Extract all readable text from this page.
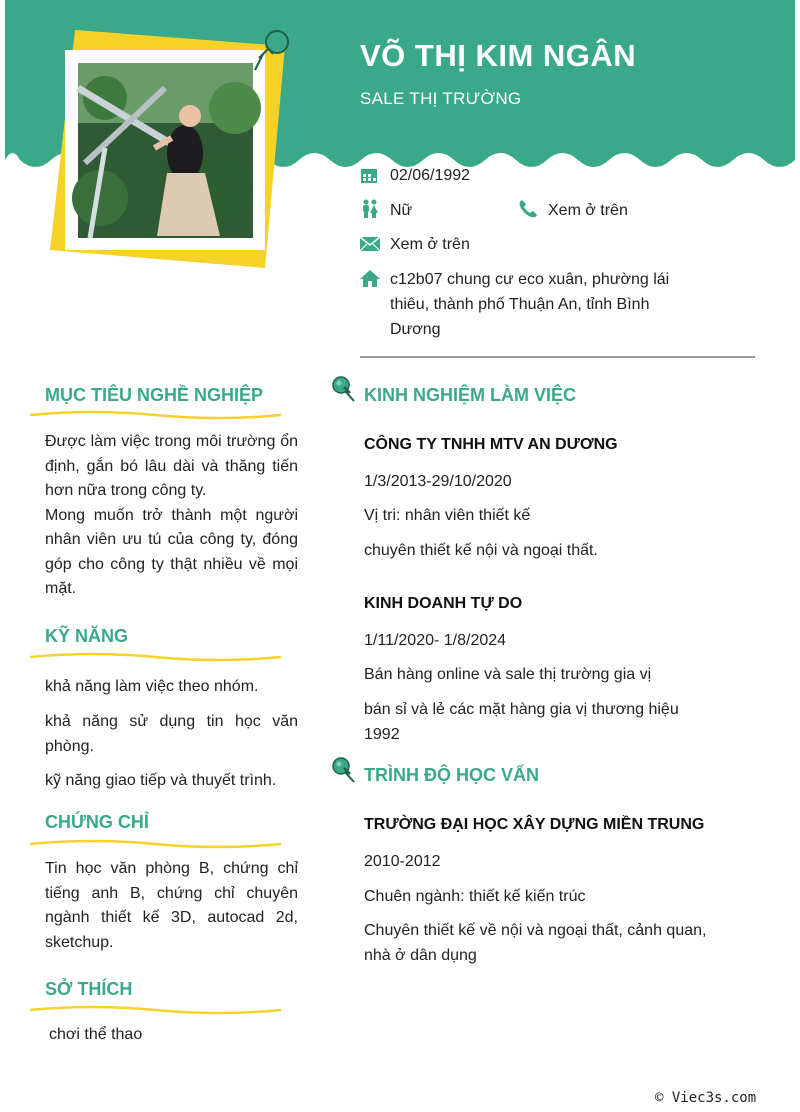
VÕ THỊ KIM NGÂN
SALE THỊ TRƯỜNG
02/06/1992
Nữ	Xem ở trên
Xem ở trên
c12b07 chung cư eco xuân, phường lái
thiêu, thành phố Thuận An, tỉnh Bình
Dương
MỤC TIÊU NGHỀ NGHIỆP
Được làm việc trong môi trường ổn định, gắn bó lâu dài và thăng tiến hơn nữa trong công ty.
Mong muốn trở thành một người nhân viên ưu tú của công ty, đóng góp cho công ty thật nhiều về mọi mặt.
KỸ NĂNG
khả năng làm việc theo nhóm.
khả năng sử dụng tin học văn phòng.
kỹ năng giao tiếp và thuyết trình.
CHỨNG CHỈ
Tin học văn phòng B, chứng chỉ tiếng anh B, chứng chỉ chuyên ngành thiết kế 3D, autocad 2d, sketchup.
SỞ THÍCH
chơi thể thao
KINH NGHIỆM LÀM VIỆC
CÔNG TY TNHH MTV AN DƯƠNG
1/3/2013-29/10/2020
Vị tri: nhân viên thiết kế
chuyên thiết kế nội và ngoại thất.
KINH DOANH TỰ DO
1/11/2020- 1/8/2024
Bán hàng online và sale thị trường gia vị
bán sỉ và lẻ các mặt hàng gia vị thương hiệu
1992
TRÌNH ĐỘ HỌC VẤN
TRƯỜNG ĐẠI HỌC XÂY DỰNG MIỀN TRUNG
2010-2012
Chuên ngành: thiết kế kiến trúc
Chuyên thiết kế về nội và ngoại thất, cảnh quan,
nhà ở dân dụng
© Viec3s.com
